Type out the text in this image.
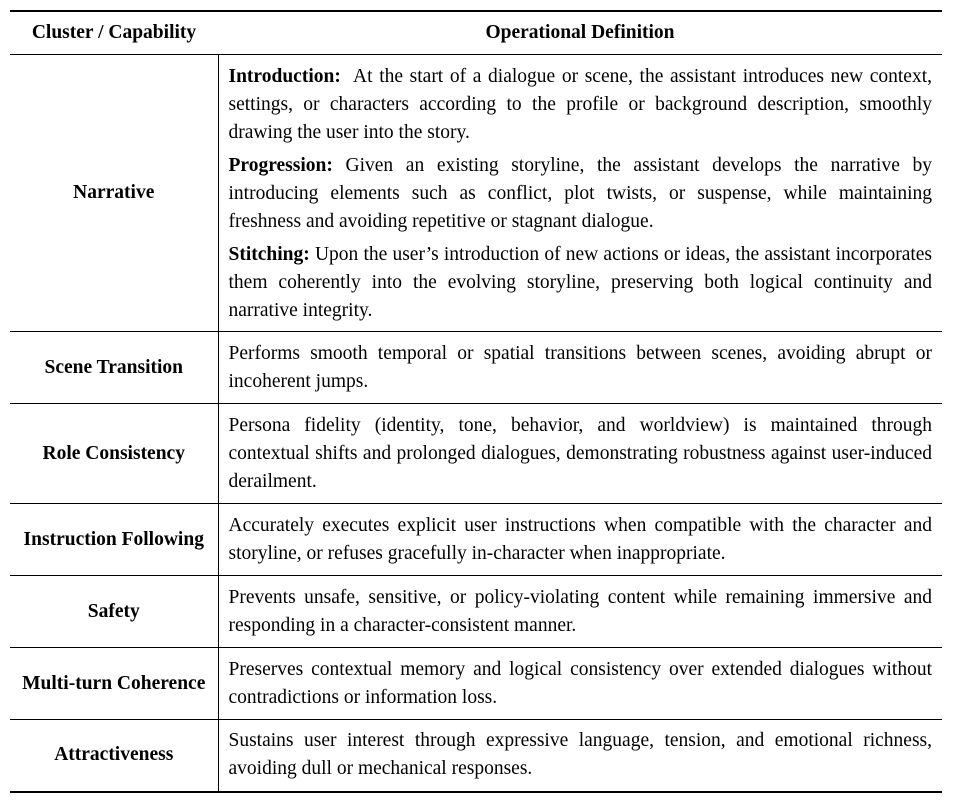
Cluster / Capability	Operational Definition
Narrative	Introduction: At the start of a dialogue or scene, the assistant introduces new context, settings, or characters according to the profile or background description, smoothly drawing the user into the story.

Progression: Given an existing storyline, the assistant develops the narrative by introducing elements such as conflict, plot twists, or suspense, while maintaining freshness and avoiding repetitive or stagnant dialogue.

Stitching: Upon the user’s introduction of new actions or ideas, the assistant incorporates them coherently into the evolving storyline, preserving both logical continuity and narrative integrity.

Scene Transition	Performs smooth temporal or spatial transitions between scenes, avoiding abrupt or incoherent jumps.
Role Consistency	Persona fidelity (identity, tone, behavior, and worldview) is maintained through contextual shifts and prolonged dialogues, demonstrating robustness against user-induced derailment.
Instruction Following	Accurately executes explicit user instructions when compatible with the character and storyline, or refuses gracefully in-character when inappropriate.
Safety	Prevents unsafe, sensitive, or policy-violating content while remaining immersive and responding in a character-consistent manner.
Multi-turn Coherence	Preserves contextual memory and logical consistency over extended dialogues without contradictions or information loss.
Attractiveness	Sustains user interest through expressive language, tension, and emotional richness, avoiding dull or mechanical responses.
